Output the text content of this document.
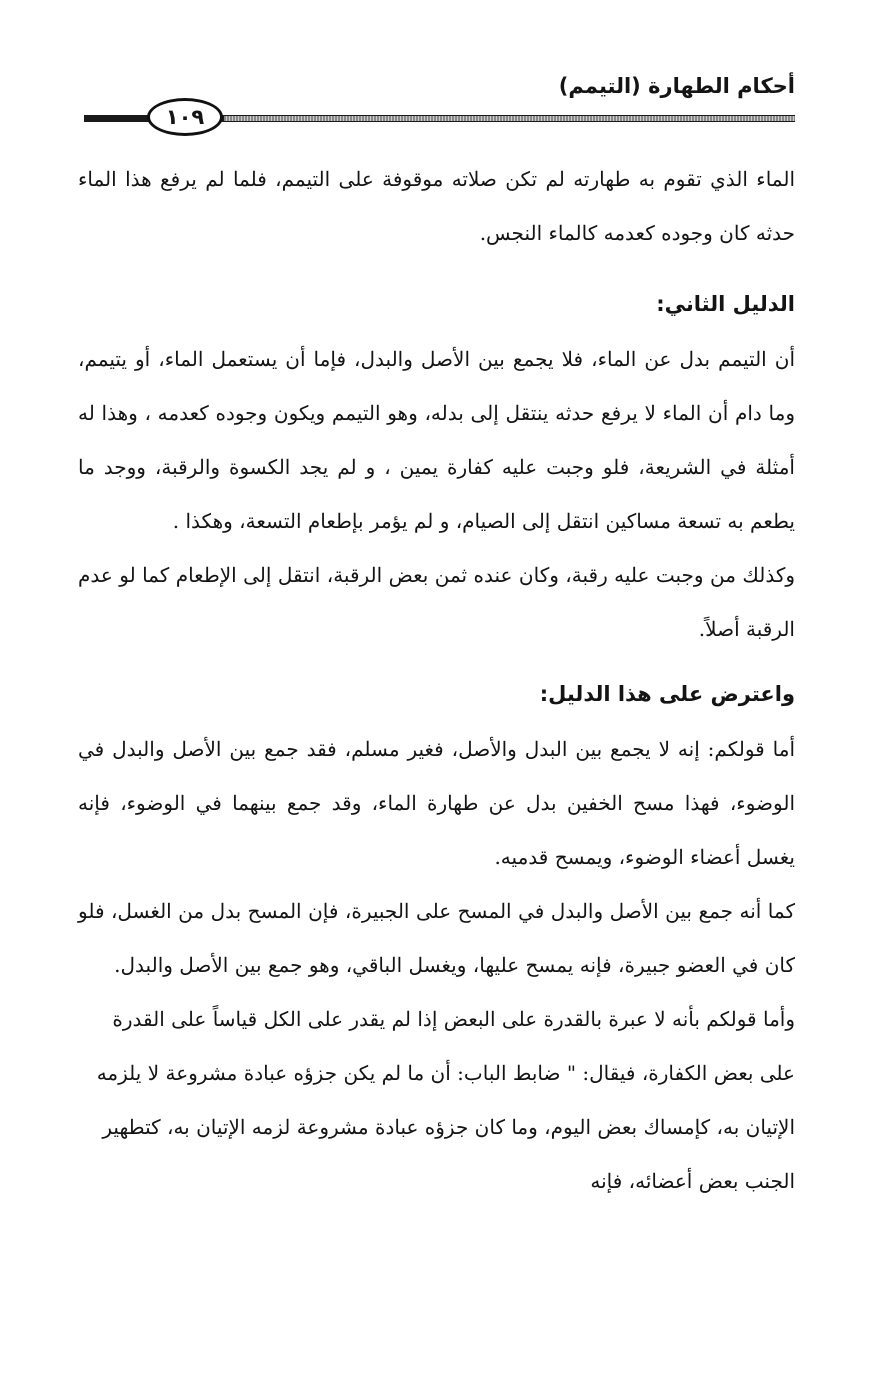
أحكام الطهارة (التيمم)
١٠٩

الماء الذي تقوم به طهارته لم تكن صلاته موقوفة على التيمم، فلما لم يرفع هذا الماء حدثه كان وجوده كعدمه كالماء النجس.

الدليل الثاني:

أن التيمم بدل عن الماء، فلا يجمع بين الأصل والبدل، فإما أن يستعمل الماء، أو يتيمم، وما دام أن الماء لا يرفع حدثه ينتقل إلى بدله، وهو التيمم ويكون وجوده كعدمه ، وهذا له أمثلة في الشريعة، فلو وجبت عليه كفارة يمين ، و لم يجد الكسوة والرقبة، ووجد ما يطعم به تسعة مساكين انتقل إلى الصيام، و لم يؤمر بإطعام التسعة، وهكذا .

وكذلك من وجبت عليه رقبة، وكان عنده ثمن بعض الرقبة، انتقل إلى الإطعام كما لو عدم الرقبة أصلاً.

واعترض على هذا الدليل:

أما قولكم: إنه لا يجمع بين البدل والأصل، فغير مسلم، فقد جمع بين الأصل والبدل في الوضوء، فهذا مسح الخفين بدل عن طهارة الماء، وقد جمع بينهما في الوضوء، فإنه يغسل أعضاء الوضوء، ويمسح قدميه.

كما أنه جمع بين الأصل والبدل في المسح على الجبيرة، فإن المسح بدل من الغسل، فلو كان في العضو جبيرة، فإنه يمسح عليها، ويغسل الباقي، وهو جمع بين الأصل والبدل.

وأما قولكم بأنه لا عبرة بالقدرة على البعض إذا لم يقدر على الكل قياساً على القدرة على بعض الكفارة، فيقال: " ضابط الباب: أن ما لم يكن جزؤه عبادة مشروعة لا يلزمه الإتيان به، كإمساك بعض اليوم، وما كان جزؤه عبادة مشروعة لزمه الإتيان به، كتطهير الجنب بعض أعضائه، فإنه
